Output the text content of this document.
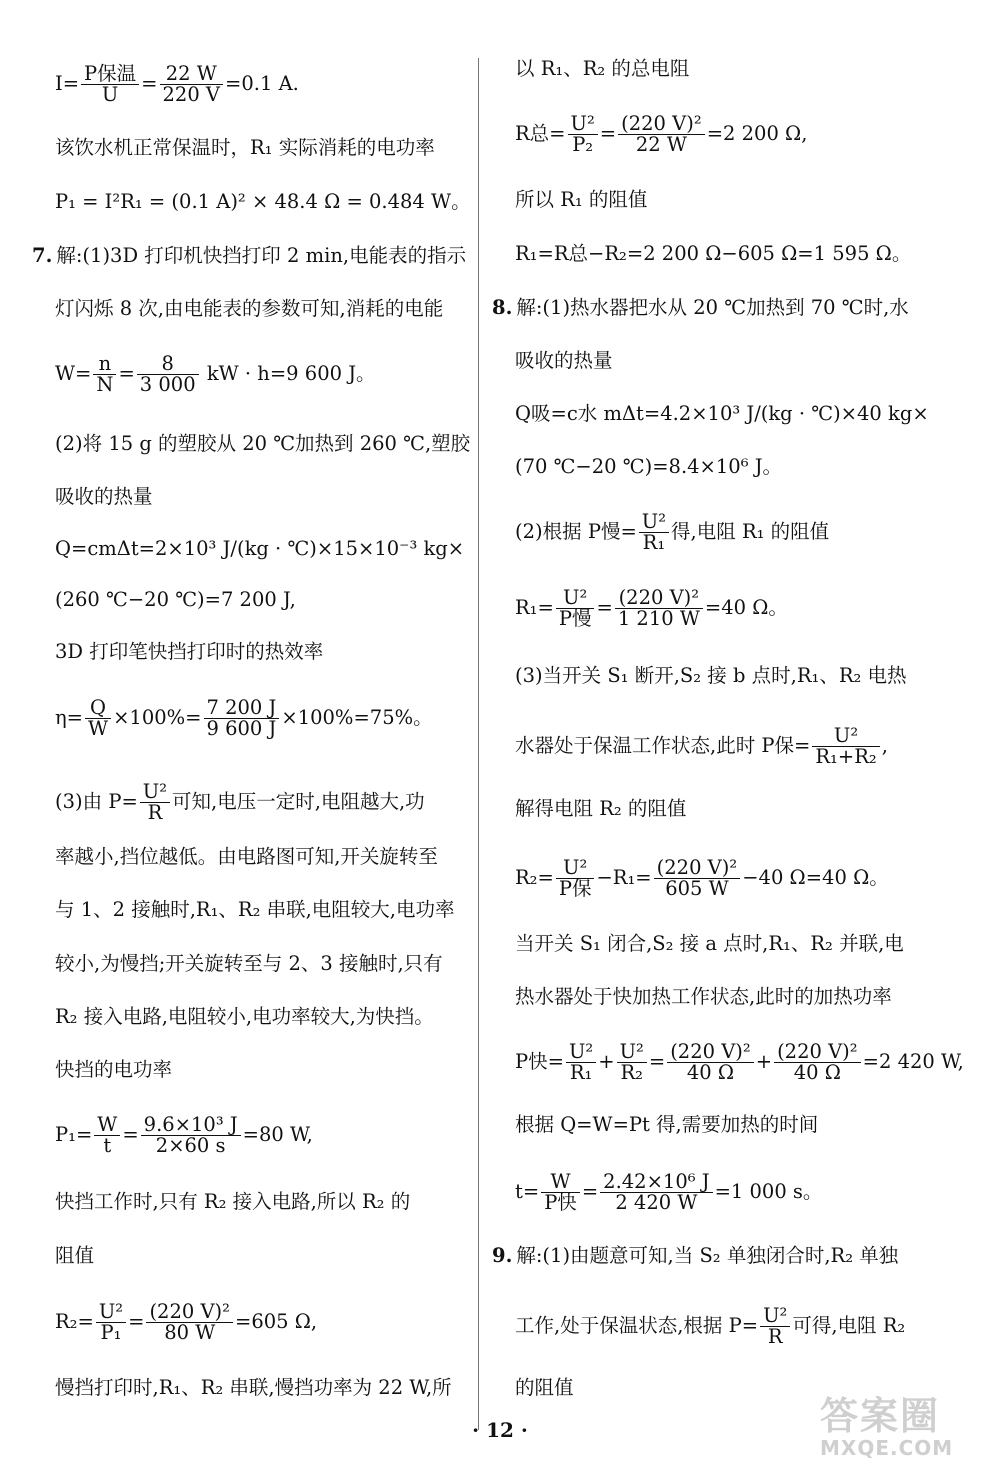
$I= \frac{\text{P保温}}{U} = \frac{22 W}{220 V} =0.1$ A.
该饮水机正常保温时，R₁ 实际消耗的电功率
P₁ = I²R₁ = (0.1 A)² × 48.4 Ω = 0.484 W。
7. 解:(1)3D 打印机快挡打印 2 min,电能表的指示
灯闪烁 8 次,由电能表的参数可知,消耗的电能
$W= \frac{n}{N} = \frac{8}{3 000}$ kW · h=9 600 J。
(2)将 15 g 的塑胶从 20 ℃加热到 260 ℃,塑胶
吸收的热量
Q=cmΔt=2×10³ J/(kg · ℃)×15×10⁻³ kg×
(260 ℃−20 ℃)=7 200 J,
3D 打印笔快挡打印时的热效率
$\eta= \frac{Q}{W} \times 100\%= \frac{7 200 J}{9 600 J} \times 100\%=75\%$。
(3)由 $P= \frac{\text{U²}}{R}$ 可知,电压一定时,电阻越大,功
率越小,挡位越低。由电路图可知,开关旋转至
与 1、2 接触时,R₁、R₂ 串联,电阻较大,电功率
较小,为慢挡;开关旋转至与 2、3 接触时,只有
R₂ 接入电路,电阻较小,电功率较大,为快挡。
快挡的电功率
$P_1= \frac{W}{t} = \frac{\text{9.6×10³ J}}{2\times 60 s} =80$ W,
快挡工作时,只有 R₂ 接入电路,所以 R₂ 的
阻值
$R_2= \frac{\text{U²}}{\text{P₁}} = \frac{\text{(220 V)²}}{80 W} =605$ Ω,
慢挡打印时,R₁、R₂ 串联,慢挡功率为 22 W,所
以 R₁、R₂ 的总电阻
R总= $\frac{\text{U²}}{\text{P₂}} = \frac{\text{(220 V)²}}{22 W} =2$ 200 Ω,
所以 R₁ 的阻值
R₁=R总−R₂=2 200 Ω−605 Ω=1 595 Ω。
8. 解:(1)热水器把水从 20 ℃加热到 70 ℃时,水
吸收的热量
Q吸=c水 mΔt=4.2×10³ J/(kg · ℃)×40 kg×
(70 ℃−20 ℃)=8.4×10⁶ J。
(2)根据 P慢= $\frac{\text{U²}}{\text{R₁}}$ 得,电阻 R₁ 的阻值
$R_1= \frac{\text{U²}}{\text{P慢}} = \frac{\text{(220 V)²}}{1 210 W} =40$ Ω。
(3)当开关 S₁ 断开,S₂ 接 b 点时,R₁、R₂ 电热
水器处于保温工作状态,此时 P保= $\frac{\text{U²}}{\text{R₁+R₂}}$ ,
解得电阻 R₂ 的阻值
$R_2= \frac{\text{U²}}{\text{P保}} -R_1= \frac{\text{(220 V)²}}{605 W} -40$ Ω=40 Ω。
当开关 S₁ 闭合,S₂ 接 a 点时,R₁、R₂ 并联,电
热水器处于快加热工作状态,此时的加热功率
P快= $\frac{\text{U²}}{\text{R₁}} + \frac{\text{U²}}{\text{R₂}} = \frac{\text{(220 V)²}}{40 \Omega} + \frac{\text{(220 V)²}}{40 \Omega} =2$ 420 W,
根据 Q=W=Pt 得,需要加热的时间
$t= \frac{W}{\text{P快}} = \frac{\text{2.42×10⁶ J}}{2 420 W} =1$ 000 s。
9. 解:(1)由题意可知,当 S₂ 单独闭合时,R₂ 单独
工作,处于保温状态,根据 $P= \frac{\text{U²}}{R}$ 可得,电阻 R₂
的阻值
· 12 ·	答案圈
MXQE.COM
